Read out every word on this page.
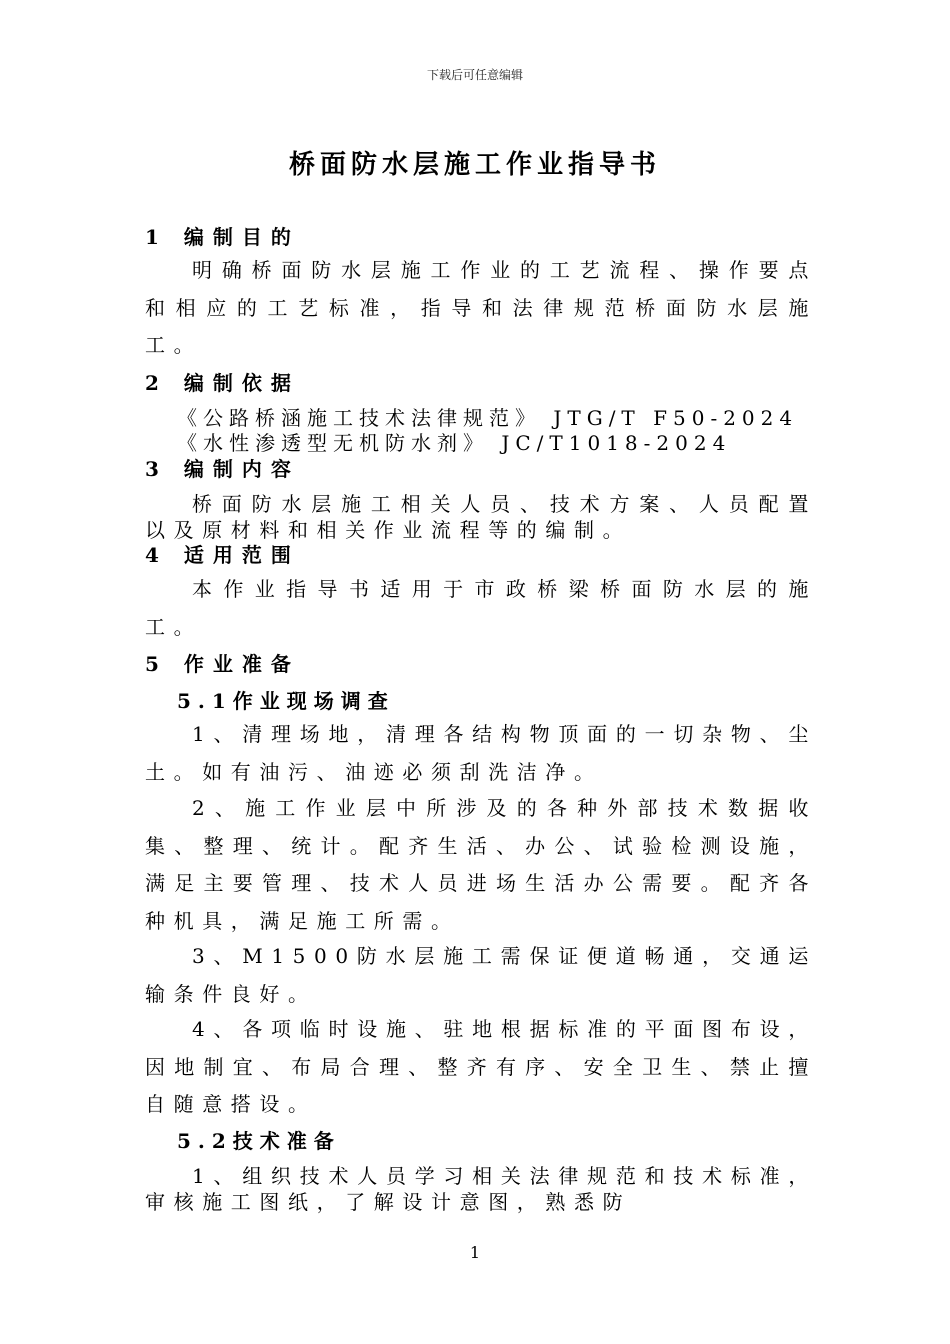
下载后可任意编辑
桥面防水层施工作业指导书
1 编制目的
明确桥面防水层施工作业的工艺流程、操作要点和相应的工艺标准，指导和法律规范桥面防水层施工。
2 编制依据
《公路桥涵施工技术法律规范》 JTG/T F50-2024
《水性渗透型无机防水剂》 JC/T1018-2024
3 编制内容
桥面防水层施工相关人员、技术方案、人员配置以及原材料和相关作业流程等的编制。
4 适用范围
本作业指导书适用于市政桥梁桥面防水层的施工。
5 作业准备
5.1作业现场调查
1、清理场地，清理各结构物顶面的一切杂物、尘土。如有油污、油迹必须刮洗洁净。
2、施工作业层中所涉及的各种外部技术数据收集、整理、统计。配齐生活、办公、试验检测设施，满足主要管理、技术人员进场生活办公需要。配齐各种机具，满足施工所需。
3、M1500防水层施工需保证便道畅通，交通运输条件良好。
4、各项临时设施、驻地根据标准的平面图布设，因地制宜、布局合理、整齐有序、安全卫生、禁止擅自随意搭设。
5.2技术准备
1、组织技术人员学习相关法律规范和技术标准，审核施工图纸，了解设计意图，熟悉防
1
